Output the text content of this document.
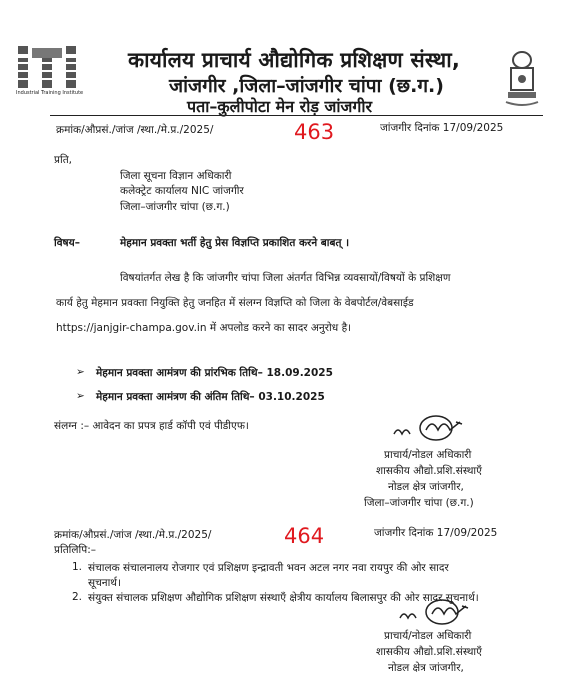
Industrial Training Institute
कार्यालय प्राचार्य औद्योगिक प्रशिक्षण संस्था,
जांजगीर ,जिला–जांजगीर चांपा (छ.ग.)
पता–कुलीपोटा मेन रोड़ जांजगीर
क्रमांक/औप्रसं./जांज /स्था./मे.प्र./2025/	463	जांजगीर दिनांक 17/09/2025
प्रति,
जिला सूचना विज्ञान अधिकारी
कलेक्ट्रेट कार्यालय NIC जांजगीर
जिला–जांजगीर चांपा (छ.ग.)
विषय–	मेहमान प्रवक्ता भर्ती हेतु प्रेस विज्ञप्ति प्रकाशित करने बाबत् ।
विषयांतर्गत लेख है कि जांजगीर चांपा जिला अंतर्गत विभिन्न व्यवसायों/विषयों के प्रशिक्षण
कार्य हेतु मेहमान प्रवक्ता नियुक्ति हेतु जनहित में संलग्न विज्ञप्ति को जिला के वेबपोर्टल/वेबसाईड
https://janjgir-champa.gov.in में अपलोड करने का सादर अनुरोध है।
➢ मेहमान प्रवक्ता आमंत्रण की प्रांरभिक तिथि– 18.09.2025
➢ मेहमान प्रवक्ता आमंत्रण की अंतिम तिथि– 03.10.2025
संलग्न :– आवेदन का प्रपत्र हार्ड कॉपी एवं पीडीएफ।
प्राचार्य/नोडल अधिकारी
शासकीय औद्यो.प्रशि.संस्थाऍं
नोडल क्षेत्र जांजगीर,
जिला–जांजगीर चांपा (छ.ग.)
क्रमांक/औप्रसं./जांज /स्था./मे.प्र./2025/	464	जांजगीर दिनांक 17/09/2025
प्रतिलिपि:–
1. संचालक संचालनालय रोजगार एवं प्रशिक्षण इन्द्रावती भवन अटल नगर नवा रायपुर की ओर सादर
सूचनार्थ।
2. संयुक्त संचालक प्रशिक्षण औद्योगिक प्रशिक्षण संस्थाऍं क्षेत्रीय कार्यालय बिलासपुर की ओर सादर सूचनार्थ।
प्राचार्य/नोडल अधिकारी
शासकीय औद्यो.प्रशि.संस्थाऍं
नोडल क्षेत्र जांजगीर,
